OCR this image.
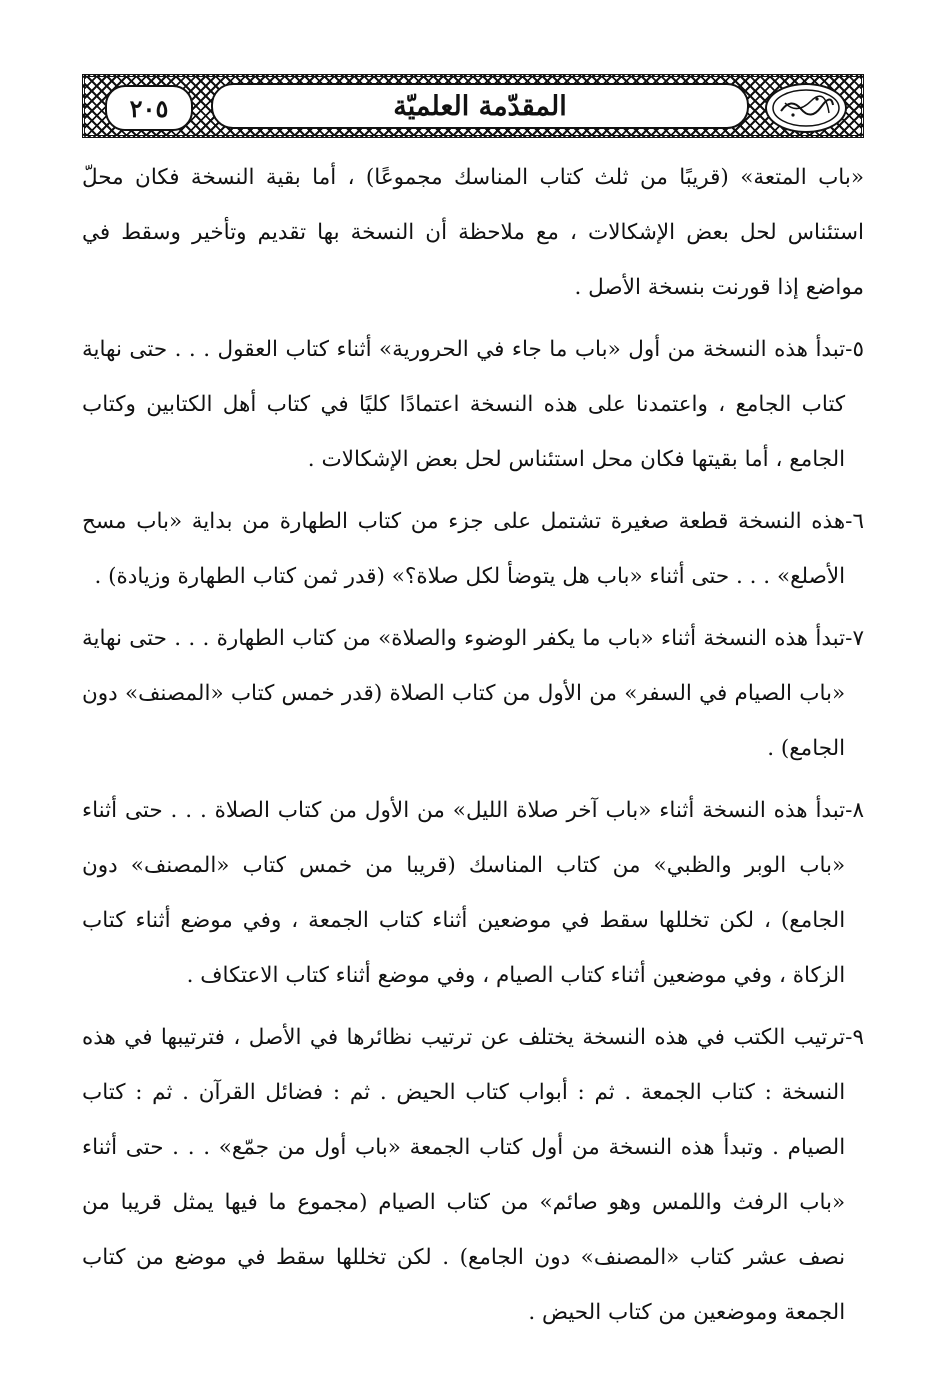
٢٠٥	المقدّمة العلميّة

«باب المتعة» (قريبًا من ثلث كتاب المناسك مجموعًا) ، أما بقية النسخة فكان محلّ استئناس لحل بعض الإشكالات ، مع ملاحظة أن النسخة بها تقديم وتأخير وسقط في مواضع إذا قورنت بنسخة الأصل .

٥-
تبدأ هذه النسخة من أول «باب ما جاء في الحرورية» أثناء كتاب العقول . . . حتى نهاية كتاب الجامع ، واعتمدنا على هذه النسخة اعتمادًا كليًا في كتاب أهل الكتابين وكتاب الجامع ، أما بقيتها فكان محل استئناس لحل بعض الإشكالات .
٦-
هذه النسخة قطعة صغيرة تشتمل على جزء من كتاب الطهارة من بداية «باب مسح الأصلع» . . . حتى أثناء «باب هل يتوضأ لكل صلاة؟» (قدر ثمن كتاب الطهارة وزيادة) .
٧-
تبدأ هذه النسخة أثناء «باب ما يكفر الوضوء والصلاة» من كتاب الطهارة . . . حتى نهاية «باب الصيام في السفر» من الأول من كتاب الصلاة (قدر خمس كتاب «المصنف» دون الجامع) .
٨-
تبدأ هذه النسخة أثناء «باب آخر صلاة الليل» من الأول من كتاب الصلاة . . . حتى أثناء «باب الوبر والظبي» من كتاب المناسك (قريبا من خمس كتاب «المصنف» دون الجامع) ، لكن تخللها سقط في موضعين أثناء كتاب الجمعة ، وفي موضع أثناء كتاب الزكاة ، وفي موضعين أثناء كتاب الصيام ، وفي موضع أثناء كتاب الاعتكاف .
٩-
ترتيب الكتب في هذه النسخة يختلف عن ترتيب نظائرها في الأصل ، فترتيبها في هذه النسخة : كتاب الجمعة . ثم : أبواب كتاب الحيض . ثم : فضائل القرآن . ثم : كتاب الصيام . وتبدأ هذه النسخة من أول كتاب الجمعة «باب أول من جمّع» . . . حتى أثناء «باب الرفث واللمس وهو صائم» من كتاب الصيام (مجموع ما فيها يمثل قريبا من نصف عشر كتاب «المصنف» دون الجامع) . لكن تخللها سقط في موضع من كتاب الجمعة وموضعين من كتاب الحيض .
